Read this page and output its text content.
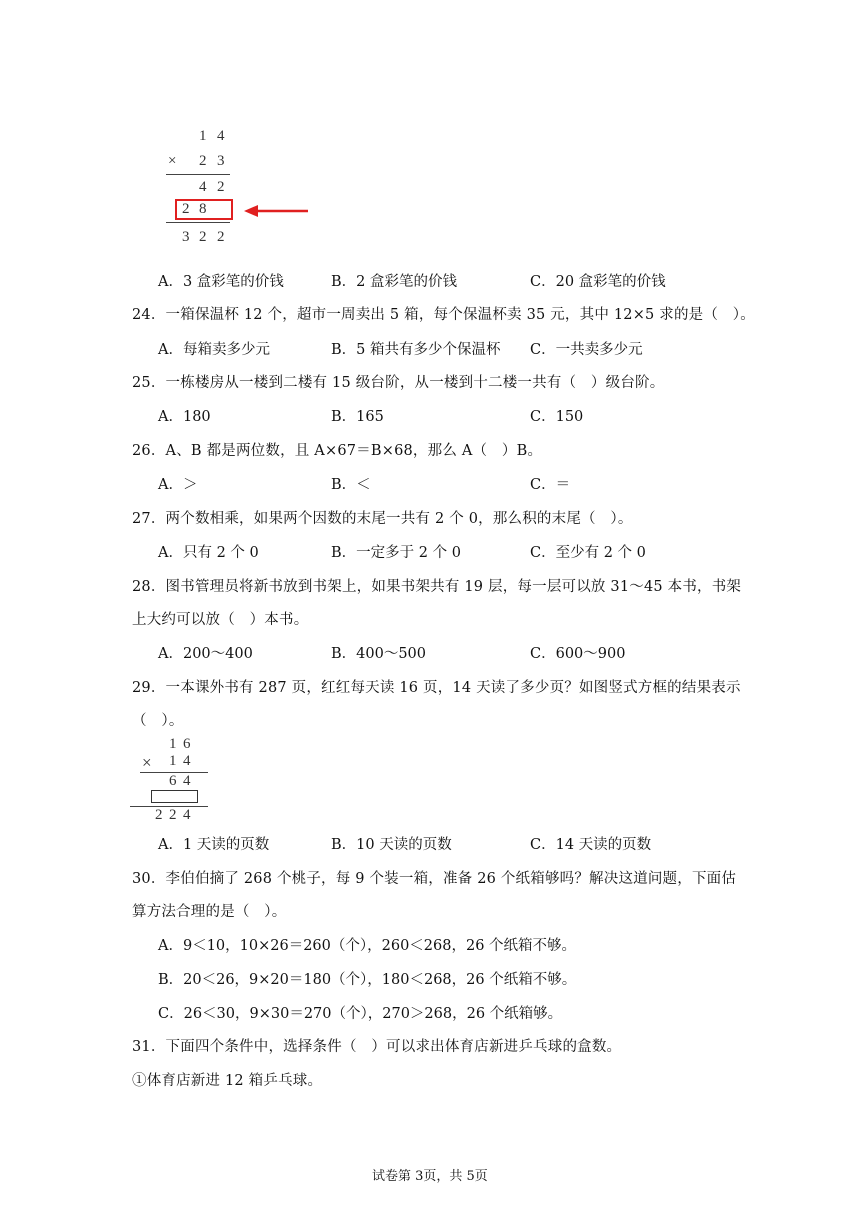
1 4
× 2 3
4 2
2 8
3 2 2
A．3 盒彩笔的价钱	B．2 盒彩笔的价钱	C．20 盒彩笔的价钱
24．一箱保温杯 12 个，超市一周卖出 5 箱，每个保温杯卖 35 元，其中 12×5 求的是（　）。
A．每箱卖多少元	B．5 箱共有多少个保温杯 C．一共卖多少元
25．一栋楼房从一楼到二楼有 15 级台阶，从一楼到十二楼一共有（　）级台阶。
A．180	B．165	C．150
26．A、B 都是两位数，且 A×67＝B×68，那么 A（　）B。
A．＞	B．＜	C．＝
27．两个数相乘，如果两个因数的末尾一共有 2 个 0，那么积的末尾（　）。
A．只有 2 个 0	B．一定多于 2 个 0	C．至少有 2 个 0
28．图书管理员将新书放到书架上，如果书架共有 19 层，每一层可以放 31～45 本书，书架
上大约可以放（　）本书。
A．200～400	B．400～500	C．600～900
29．一本课外书有 287 页，红红每天读 16 页，14 天读了多少页？如图竖式方框的结果表示
（　）。
1 6
× 1 4
6 4
2 2 4
A．1 天读的页数	B．10 天读的页数	C．14 天读的页数
30．李伯伯摘了 268 个桃子，每 9 个装一箱，准备 26 个纸箱够吗？解决这道问题，下面估
算方法合理的是（　）。
A．9＜10，10×26＝260（个），260＜268，26 个纸箱不够。
B．20＜26，9×20＝180（个），180＜268，26 个纸箱不够。
C．26＜30，9×30＝270（个），270＞268，26 个纸箱够。
31．下面四个条件中，选择条件（　）可以求出体育店新进乒乓球的盒数。
①体育店新进 12 箱乒乓球。
试卷第 3页，共 5页
